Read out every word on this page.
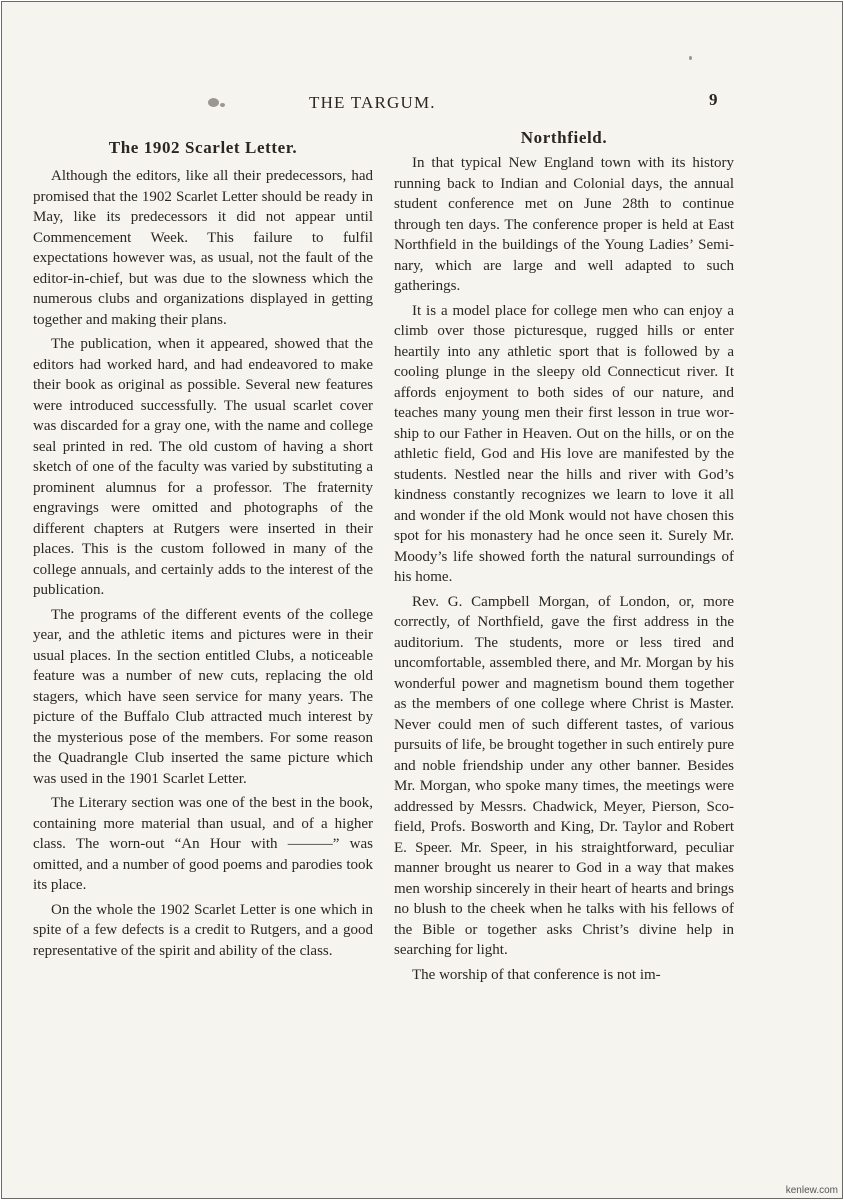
THE TARGUM.	9
The 1902 Scarlet Letter.

Although the editors, like all their predecessors, had promised that the 1902 Scarlet Letter should be ready in May, like its predecessors it did not appear until Commencement Week. This failure to fulfil expectations however was, as usual, not the fault of the editor-in-chief, but was due to the slowness which the numerous clubs and organizations displayed in getting together and making their plans.

The publication, when it appeared, showed that the editors had worked hard, and had endeavored to make their book as original as possible. Several new features were introduced successfully. The usual scarlet cover was discarded for a gray one, with the name and college seal printed in red. The old custom of having a short sketch of one of the faculty was varied by substituting a prominent alumnus for a professor. The fraternity engravings were omitted and photographs of the different chapters at Rutgers were inserted in their places. This is the custom followed in many of the college annuals, and certainly adds to the interest of the publication.

The programs of the different events of the college year, and the athletic items and pictures were in their usual places. In the section entitled Clubs, a noticeable feature was a number of new cuts, replacing the old stagers, which have seen service for many years. The picture of the Buffalo Club attracted much interest by the mysterious pose of the members. For some reason the Quadrangle Club inserted the same picture which was used in the 1901 Scarlet Letter.

The Literary section was one of the best in the book, containing more material than usual, and of a higher class. The worn-out “An Hour with ———” was omitted, and a number of good poems and parodies took its place.

On the whole the 1902 Scarlet Letter is one which in spite of a few defects is a credit to Rutgers, and a good representative of the spirit and ability of the class.

Northfield.

In that typical New England town with its history running back to Indian and Colonial days, the annual student conference met on June 28th to continue through ten days. The conference proper is held at East Northfield in the buildings of the Young Ladies’ Seminary, which are large and well adapted to such gatherings.

It is a model place for college men who can enjoy a climb over those picturesque, rugged hills or enter heartily into any athletic sport that is followed by a cooling plunge in the sleepy old Connecticut river. It affords enjoyment to both sides of our nature, and teaches many young men their first lesson in true worship to our Father in Heaven. Out on the hills, or on the athletic field, God and His love are manifested by the students. Nestled near the hills and river with God’s kindness constantly recognizes we learn to love it all and wonder if the old Monk would not have chosen this spot for his monastery had he once seen it. Surely Mr. Moody’s life showed forth the natural surroundings of his home.

Rev. G. Campbell Morgan, of London, or, more correctly, of Northfield, gave the first address in the auditorium. The students, more or less tired and uncomfortable, assembled there, and Mr. Morgan by his wonderful power and magnetism bound them together as the members of one college where Christ is Master. Never could men of such different tastes, of various pursuits of life, be brought together in such entirely pure and noble friendship under any other banner. Besides Mr. Morgan, who spoke many times, the meetings were addressed by Messrs. Chadwick, Meyer, Pierson, Scofield, Profs. Bosworth and King, Dr. Taylor and Robert E. Speer. Mr. Speer, in his straightforward, peculiar manner brought us nearer to God in a way that makes men worship sincerely in their heart of hearts and brings no blush to the cheek when he talks with his fellows of the Bible or together asks Christ’s divine help in searching for light.

The worship of that conference is not im-

kenlew.com
